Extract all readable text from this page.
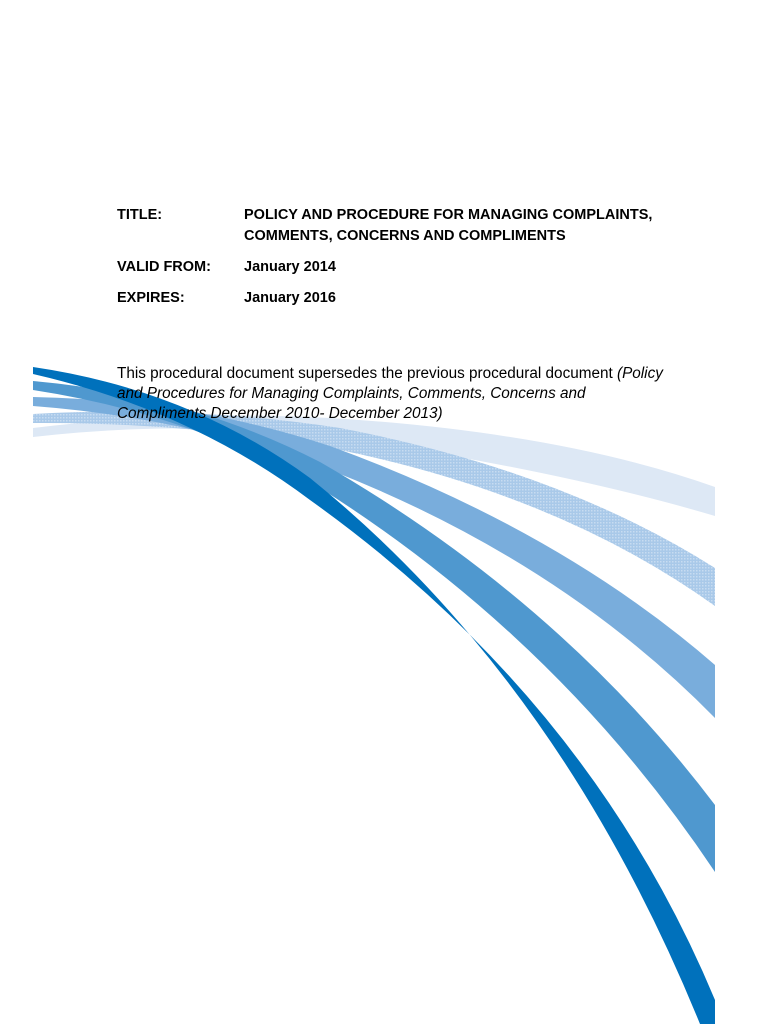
TITLE:	POLICY AND PROCEDURE FOR MANAGING COMPLAINTS, COMMENTS, CONCERNS AND COMPLIMENTS
VALID FROM:	January 2014
EXPIRES:	January 2016

This procedural document supersedes the previous procedural document (Policy and Procedures for Managing Complaints, Comments, Concerns and Compliments December 2010- December 2013)
